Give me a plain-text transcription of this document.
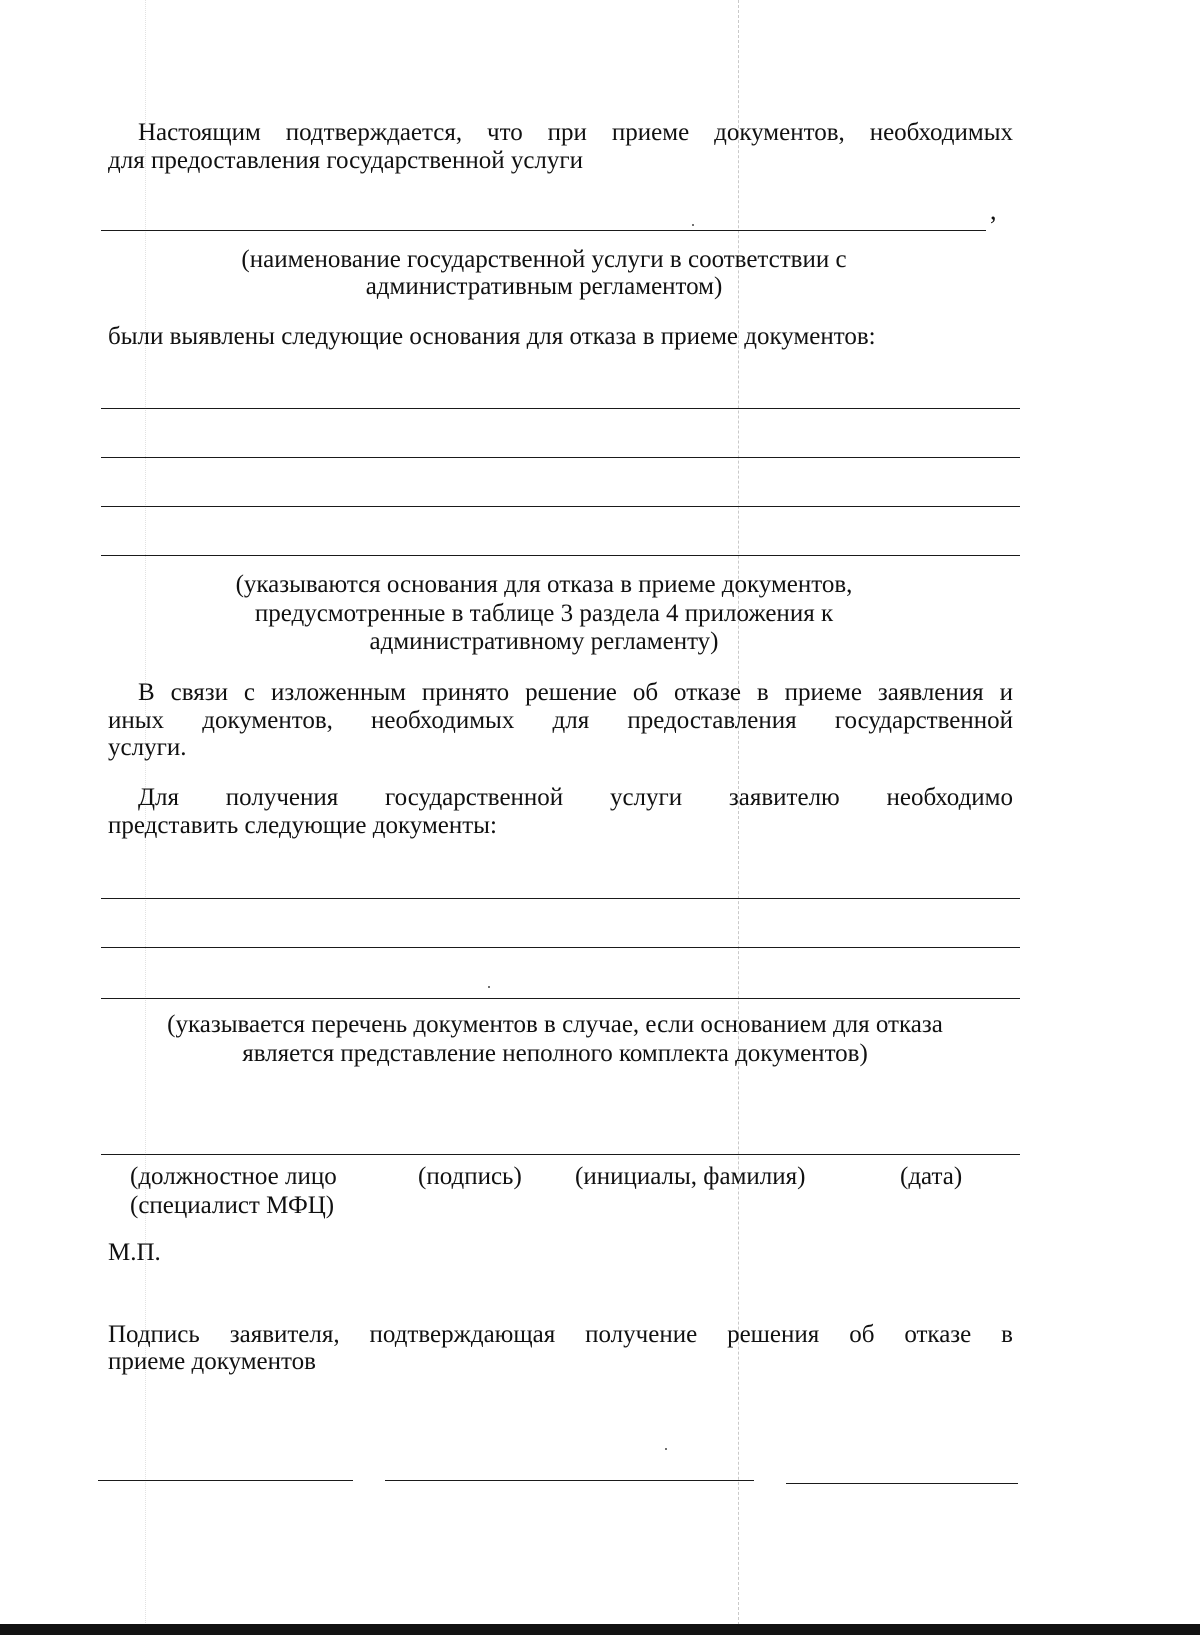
Настоящим подтверждается, что при приеме документов, необходимых
для предоставления государственной услуги
,
(наименование государственной услуги в соответствии с
административным регламентом)
были выявлены следующие основания для отказа в приеме документов:
(указываются основания для отказа в приеме документов,
предусмотренные в таблице 3 раздела 4 приложения к
административному регламенту)
В связи с изложенным принято решение об отказе в приеме заявления и
иных документов, необходимых для предоставления государственной
услуги.
Для получения государственной услуги заявителю необходимо
представить следующие документы:
(указывается перечень документов в случае, если основанием для отказа
является представление неполного комплекта документов)
(должностное лицо
(специалист МФЦ)
(подпись) (инициалы, фамилия)	(дата)
М.П.
Подпись заявителя, подтверждающая получение решения об отказе в
приеме документов
